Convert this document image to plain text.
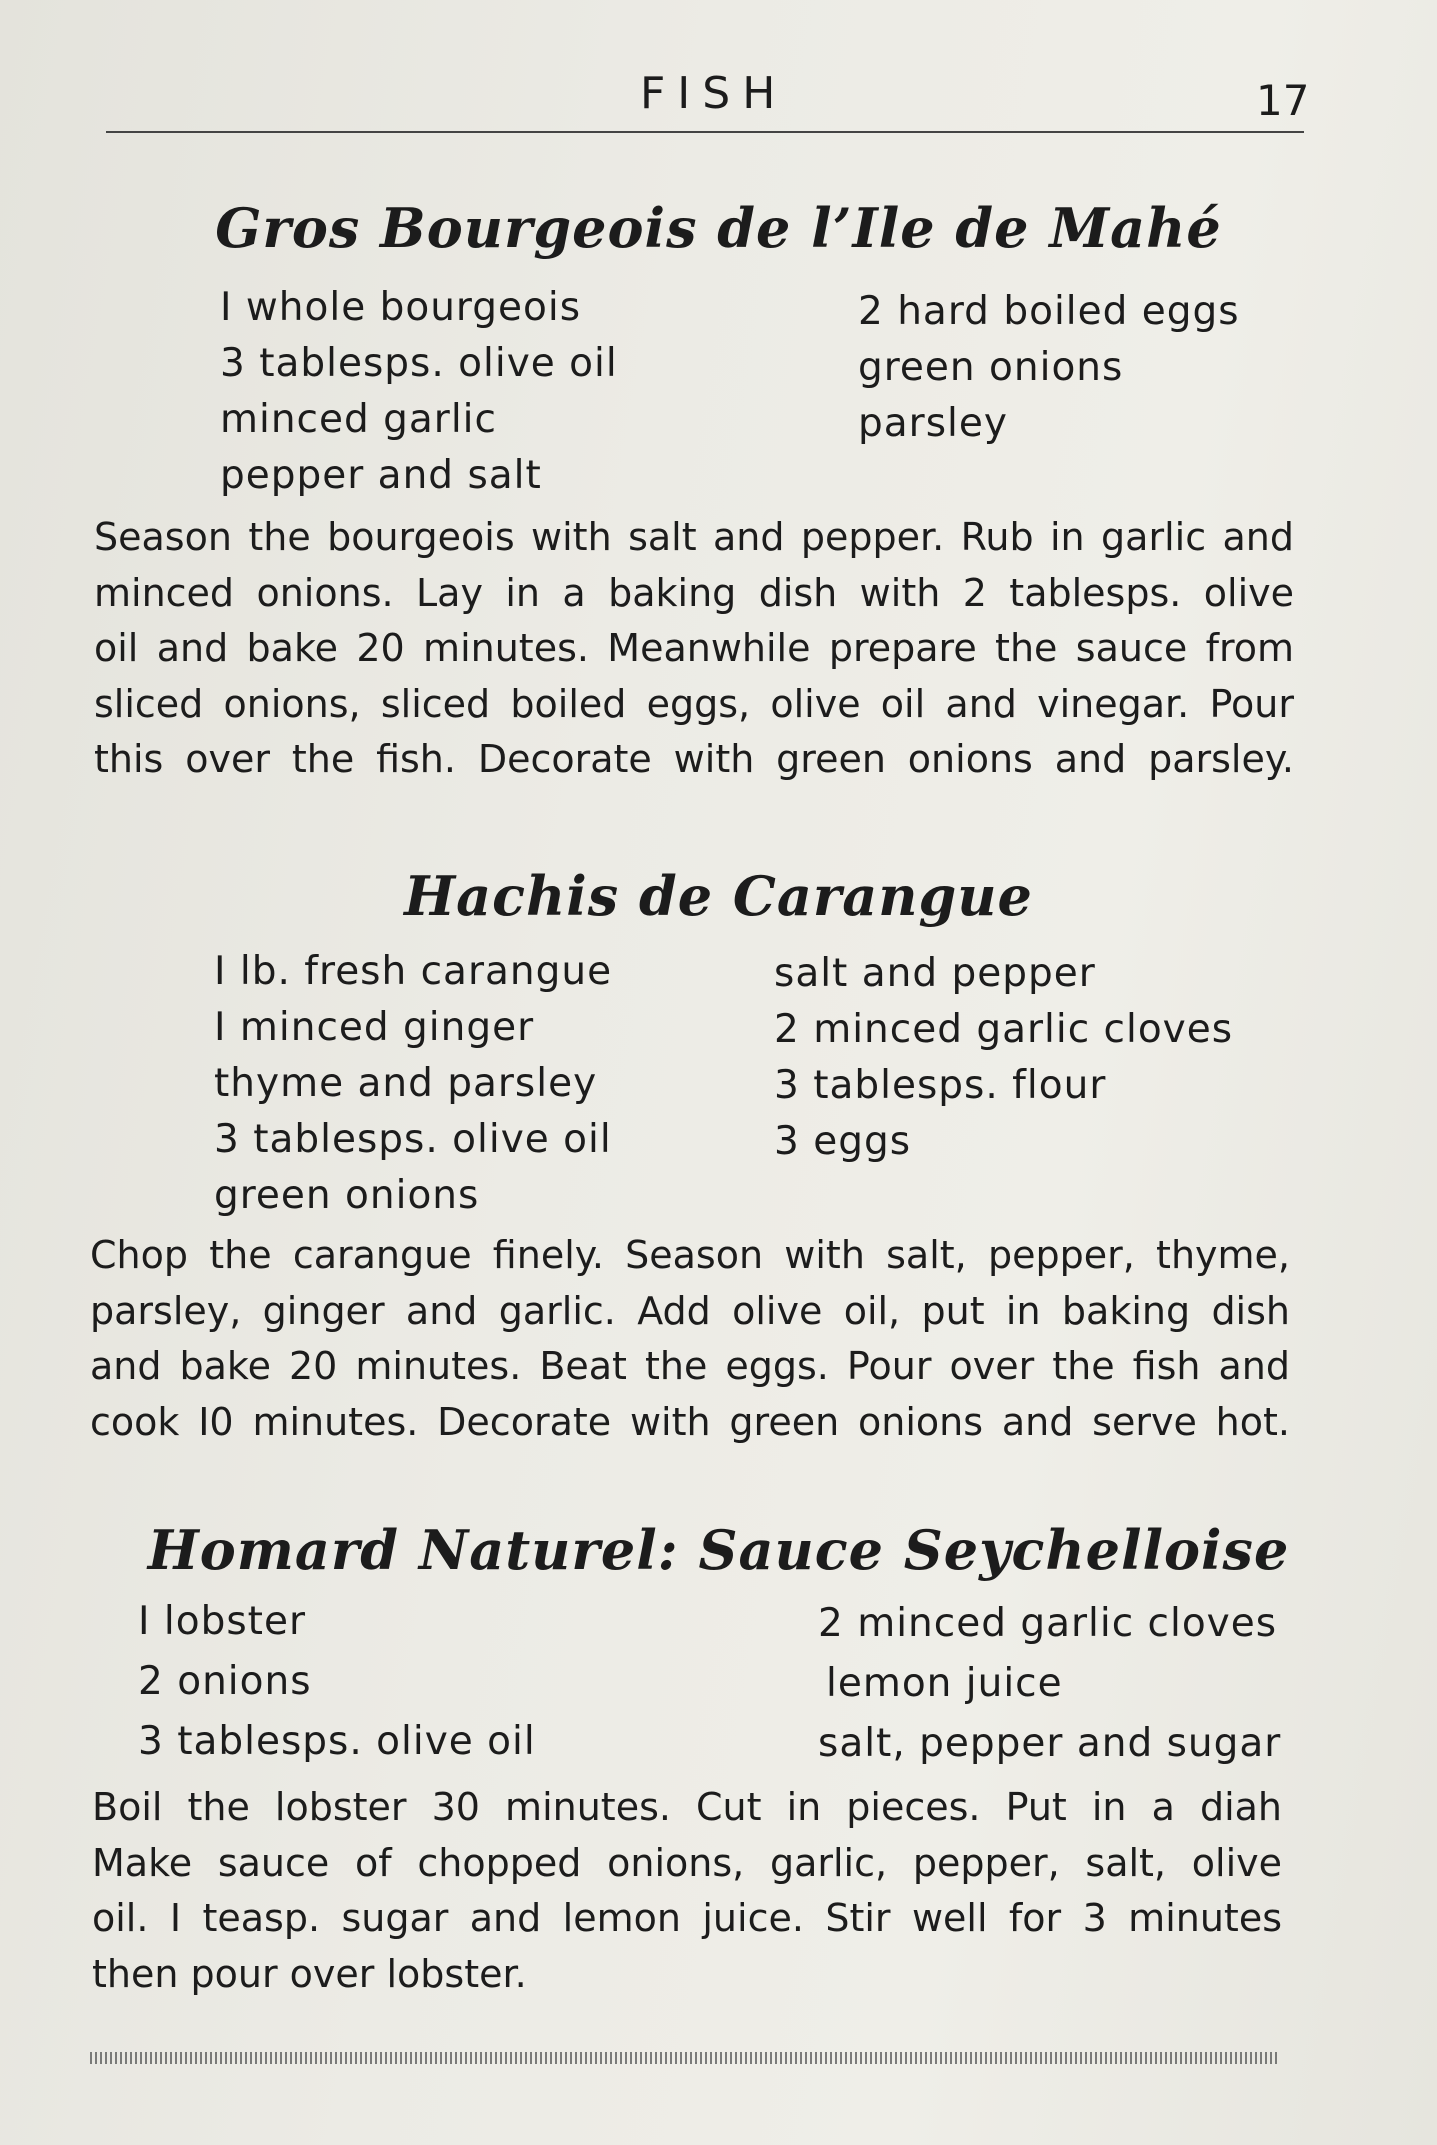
FISH	17
Gros Bourgeois de l’Ile de Mahé
I whole bourgeois
3 tablesps. olive oil
minced garlic
pepper and salt
2 hard boiled eggs
green onions
parsley

Season the bourgeois with salt and pepper. Rub in garlic and
minced onions. Lay in a baking dish with 2 tablesps. olive
oil and bake 20 minutes. Meanwhile prepare the sauce from
sliced onions, sliced boiled eggs, olive oil and vinegar. Pour
this over the fish. Decorate with green onions and parsley.

Hachis de Carangue
I lb. fresh carangue
I minced ginger
thyme and parsley
3 tablesps. olive oil
green onions
salt and pepper
2 minced garlic cloves
3 tablesps. flour
3 eggs

Chop the carangue finely. Season with salt, pepper, thyme,
parsley, ginger and garlic. Add olive oil, put in baking dish
and bake 20 minutes. Beat the eggs. Pour over the fish and
cook I0 minutes. Decorate with green onions and serve hot.

Homard Naturel: Sauce Seychelloise
I lobster
2 onions
3 tablesps. olive oil
2 minced garlic cloves
lemon juice
salt, pepper and sugar

Boil the lobster 30 minutes. Cut in pieces. Put in a diah
Make sauce of chopped onions, garlic, pepper, salt, olive
oil. I teasp. sugar and lemon juice. Stir well for 3 minutes
then pour over lobster.
